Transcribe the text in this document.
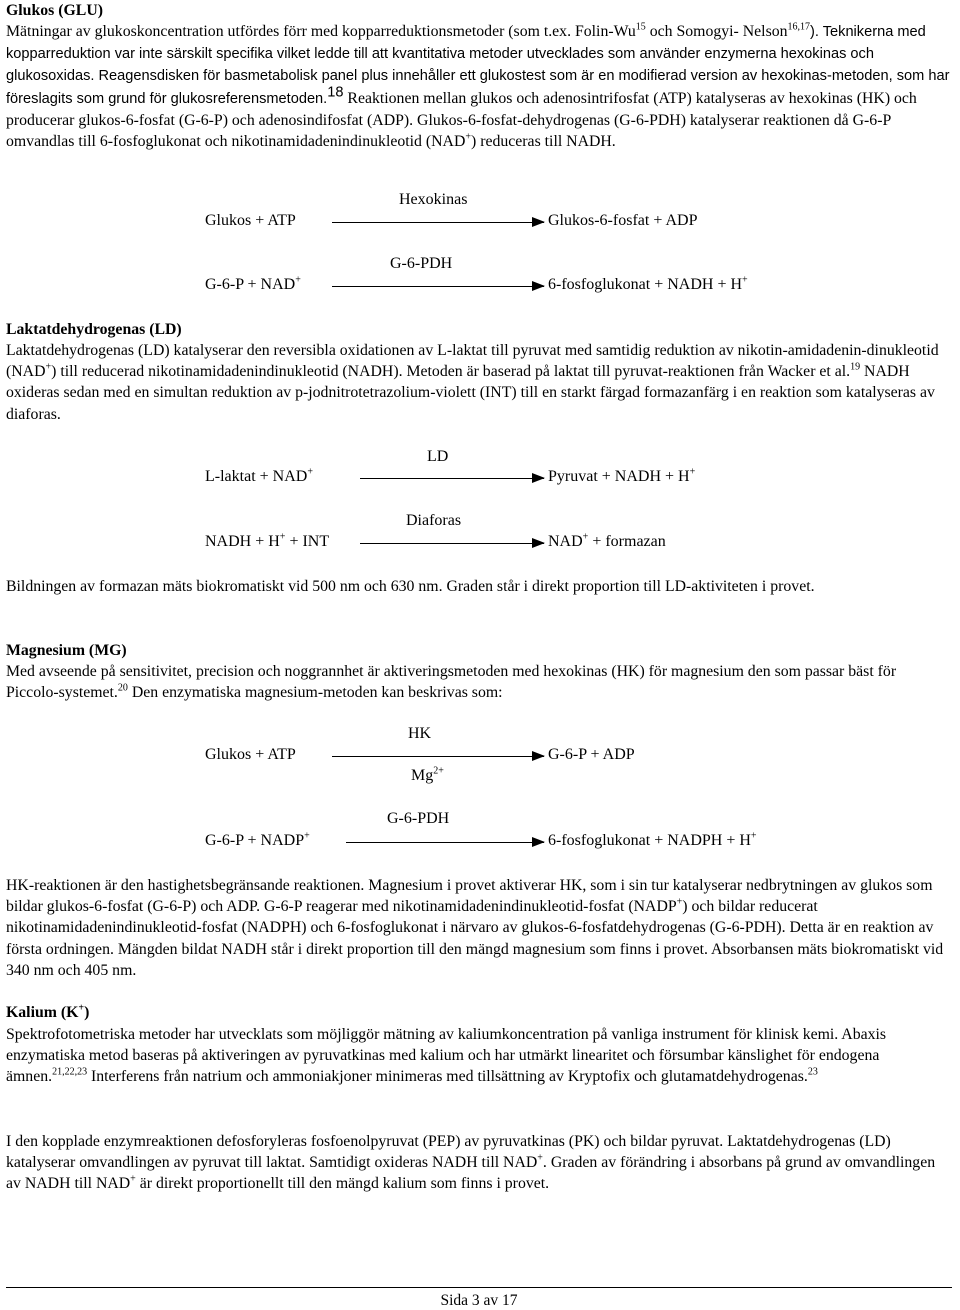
Glukos (GLU)
Mätningar av glukoskoncentration utfördes förr med kopparreduktionsmetoder (som t.ex. Folin-Wu$^{15}$ och Somogyi- Nelson$^{16,17}$). Teknikerna med kopparreduktion var inte särskilt specifika vilket ledde till att kvantitativa metoder utvecklades som använder enzymerna hexokinas och glukosoxidas. Reagensdisken för basmetabolisk panel plus innehåller ett glukostest som är en modifierad version av hexokinas-metoden, som har föreslagits som grund för glukosreferensmetoden.$^{18}$ Reaktionen mellan glukos och adenosintrifosfat (ATP) katalyseras av hexokinas (HK) och producerar glukos-6-fosfat (G-6-P) och adenosindifosfat (ADP). Glukos-6-fosfat-dehydrogenas (G-6-PDH) katalyserar reaktionen då G-6-P omvandlas till 6-fosfoglukonat och nikotinamidadenindinukleotid (NAD+) reduceras till NADH.
Hexokinas
Glukos + ATP	Glukos-6-fosfat + ADP
G-6-PDH
G-6-P + NAD+	6-fosfoglukonat + NADH + H+
Laktatdehydrogenas (LD)
Laktatdehydrogenas (LD) katalyserar den reversibla oxidationen av L-laktat till pyruvat med samtidig reduktion av nikotin-amidadenin-dinukleotid (NAD+) till reducerad nikotinamidadenindinukleotid (NADH). Metoden är baserad på laktat till pyruvat-reaktionen från Wacker et al.$^{19}$ NADH oxideras sedan med en simultan reduktion av p-jodnitrotetrazolium-violett (INT) till en starkt färgad formazanfärg i en reaktion som katalyseras av diaforas.
LD
L-laktat + NAD+	Pyruvat + NADH + H+
Diaforas
NADH + H+ + INT	NAD+ + formazan
Bildningen av formazan mäts biokromatiskt vid 500 nm och 630 nm. Graden står i direkt proportion till LD-aktiviteten i provet.
Magnesium (MG)
Med avseende på sensitivitet, precision och noggrannhet är aktiveringsmetoden med hexokinas (HK) för magnesium den som passar bäst för Piccolo-systemet.$^{20}$ Den enzymatiska magnesium-metoden kan beskrivas som:
HK
Glukos + ATP	G-6-P + ADP
$Mg^{2+}$
G-6-PDH
G-6-P + NADP+	6-fosfoglukonat + NADPH + H+
HK-reaktionen är den hastighetsbegränsande reaktionen. Magnesium i provet aktiverar HK, som i sin tur katalyserar nedbrytningen av glukos som bildar glukos-6-fosfat (G-6-P) och ADP. G-6-P reagerar med nikotinamidadenindinukleotid-fosfat (NADP+) och bildar reducerat nikotinamidadenindinukleotid-fosfat (NADPH) och 6-fosfoglukonat i närvaro av glukos-6-fosfatdehydrogenas (G-6-PDH). Detta är en reaktion av första ordningen. Mängden bildat NADH står i direkt proportion till den mängd magnesium som finns i provet. Absorbansen mäts biokromatiskt vid 340 nm och 405 nm.
Kalium (K+)
Spektrofotometriska metoder har utvecklats som möjliggör mätning av kaliumkoncentration på vanliga instrument för klinisk kemi. Abaxis enzymatiska metod baseras på aktiveringen av pyruvatkinas med kalium och har utmärkt linearitet och försumbar känslighet för endogena ämnen.$^{21,22,23}$ Interferens från natrium och ammoniakjoner minimeras med tillsättning av Kryptofix och glutamatdehydrogenas.$^{23}$
I den kopplade enzymreaktionen defosforyleras fosfoenolpyruvat (PEP) av pyruvatkinas (PK) och bildar pyruvat. Laktatdehydrogenas (LD) katalyserar omvandlingen av pyruvat till laktat. Samtidigt oxideras NADH till NAD+. Graden av förändring i absorbans på grund av omvandlingen av NADH till NAD+ är direkt proportionellt till den mängd kalium som finns i provet.
Sida 3 av 17
